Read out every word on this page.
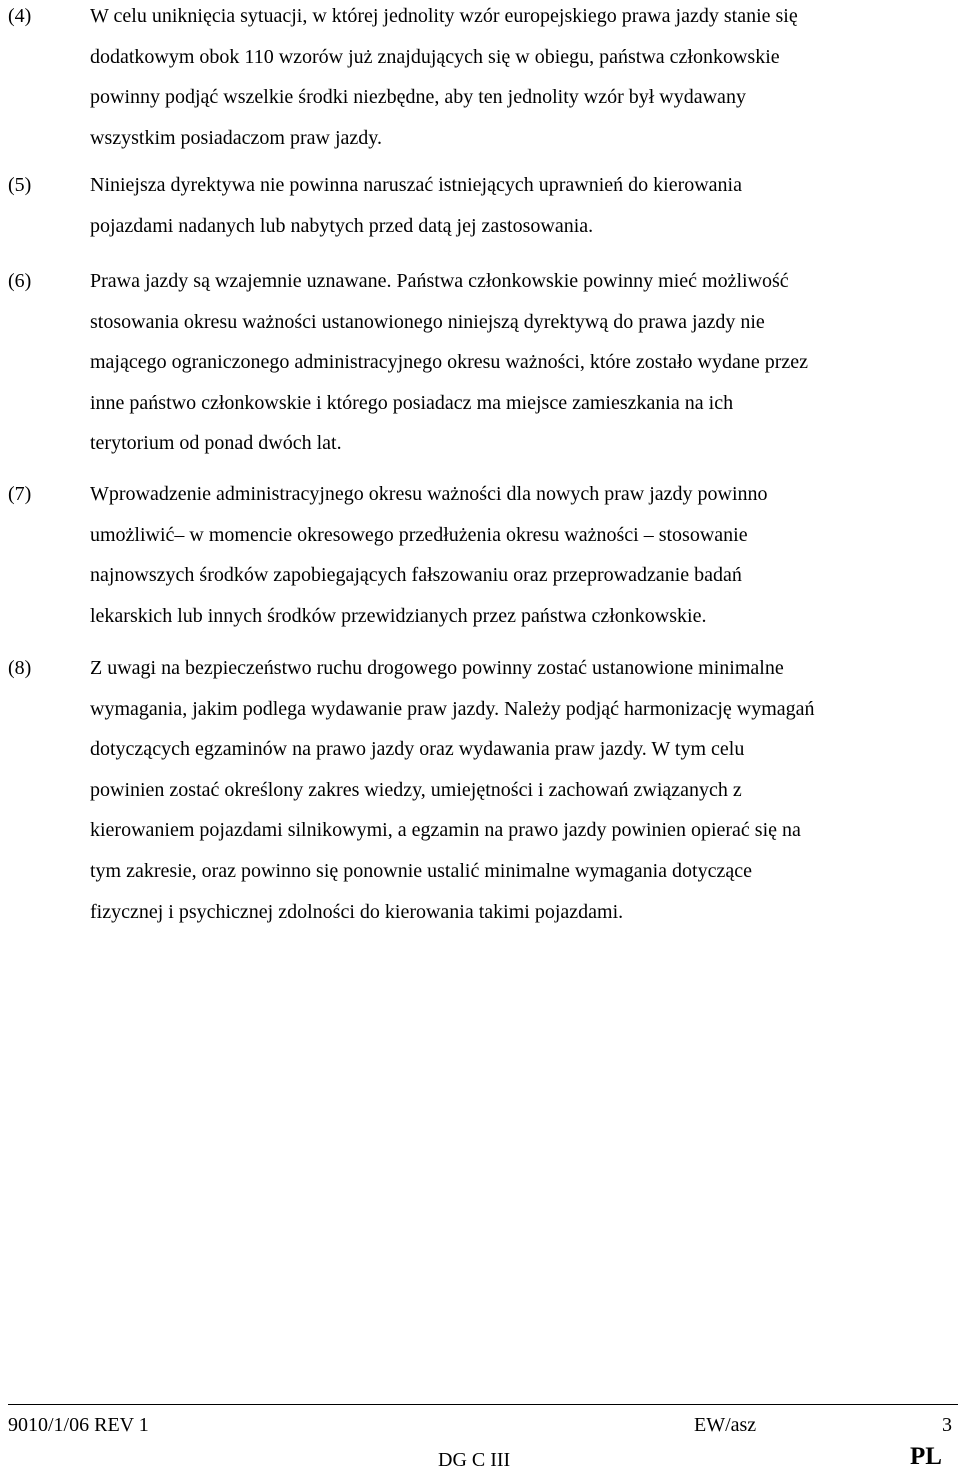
(4)	W celu uniknięcia sytuacji, w której jednolity wzór europejskiego prawa jazdy stanie się
dodatkowym obok 110 wzorów już znajdujących się w obiegu, państwa członkowskie
powinny podjąć wszelkie środki niezbędne, aby ten jednolity wzór był wydawany
wszystkim posiadaczom praw jazdy.
(5)	Niniejsza dyrektywa nie powinna naruszać istniejących uprawnień do kierowania
pojazdami nadanych lub nabytych przed datą jej zastosowania.
(6)	Prawa jazdy są wzajemnie uznawane. Państwa członkowskie powinny mieć możliwość
stosowania okresu ważności ustanowionego niniejszą dyrektywą do prawa jazdy nie
mającego ograniczonego administracyjnego okresu ważności, które zostało wydane przez
inne państwo członkowskie i którego posiadacz ma miejsce zamieszkania na ich
terytorium od ponad dwóch lat.
(7)	Wprowadzenie administracyjnego okresu ważności dla nowych praw jazdy powinno
umożliwić– w momencie okresowego przedłużenia okresu ważności – stosowanie
najnowszych środków zapobiegających fałszowaniu oraz przeprowadzanie badań
lekarskich lub innych środków przewidzianych przez państwa członkowskie.
(8)	Z uwagi na bezpieczeństwo ruchu drogowego powinny zostać ustanowione minimalne
wymagania, jakim podlega wydawanie praw jazdy. Należy podjąć harmonizację wymagań
dotyczących egzaminów na prawo jazdy oraz wydawania praw jazdy. W tym celu
powinien zostać określony zakres wiedzy, umiejętności i zachowań związanych z
kierowaniem pojazdami silnikowymi, a egzamin na prawo jazdy powinien opierać się na
tym zakresie, oraz powinno się ponownie ustalić minimalne wymagania dotyczące
fizycznej i psychicznej zdolności do kierowania takimi pojazdami.
9010/1/06 REV 1	EW/asz	3
DG C III	PL
